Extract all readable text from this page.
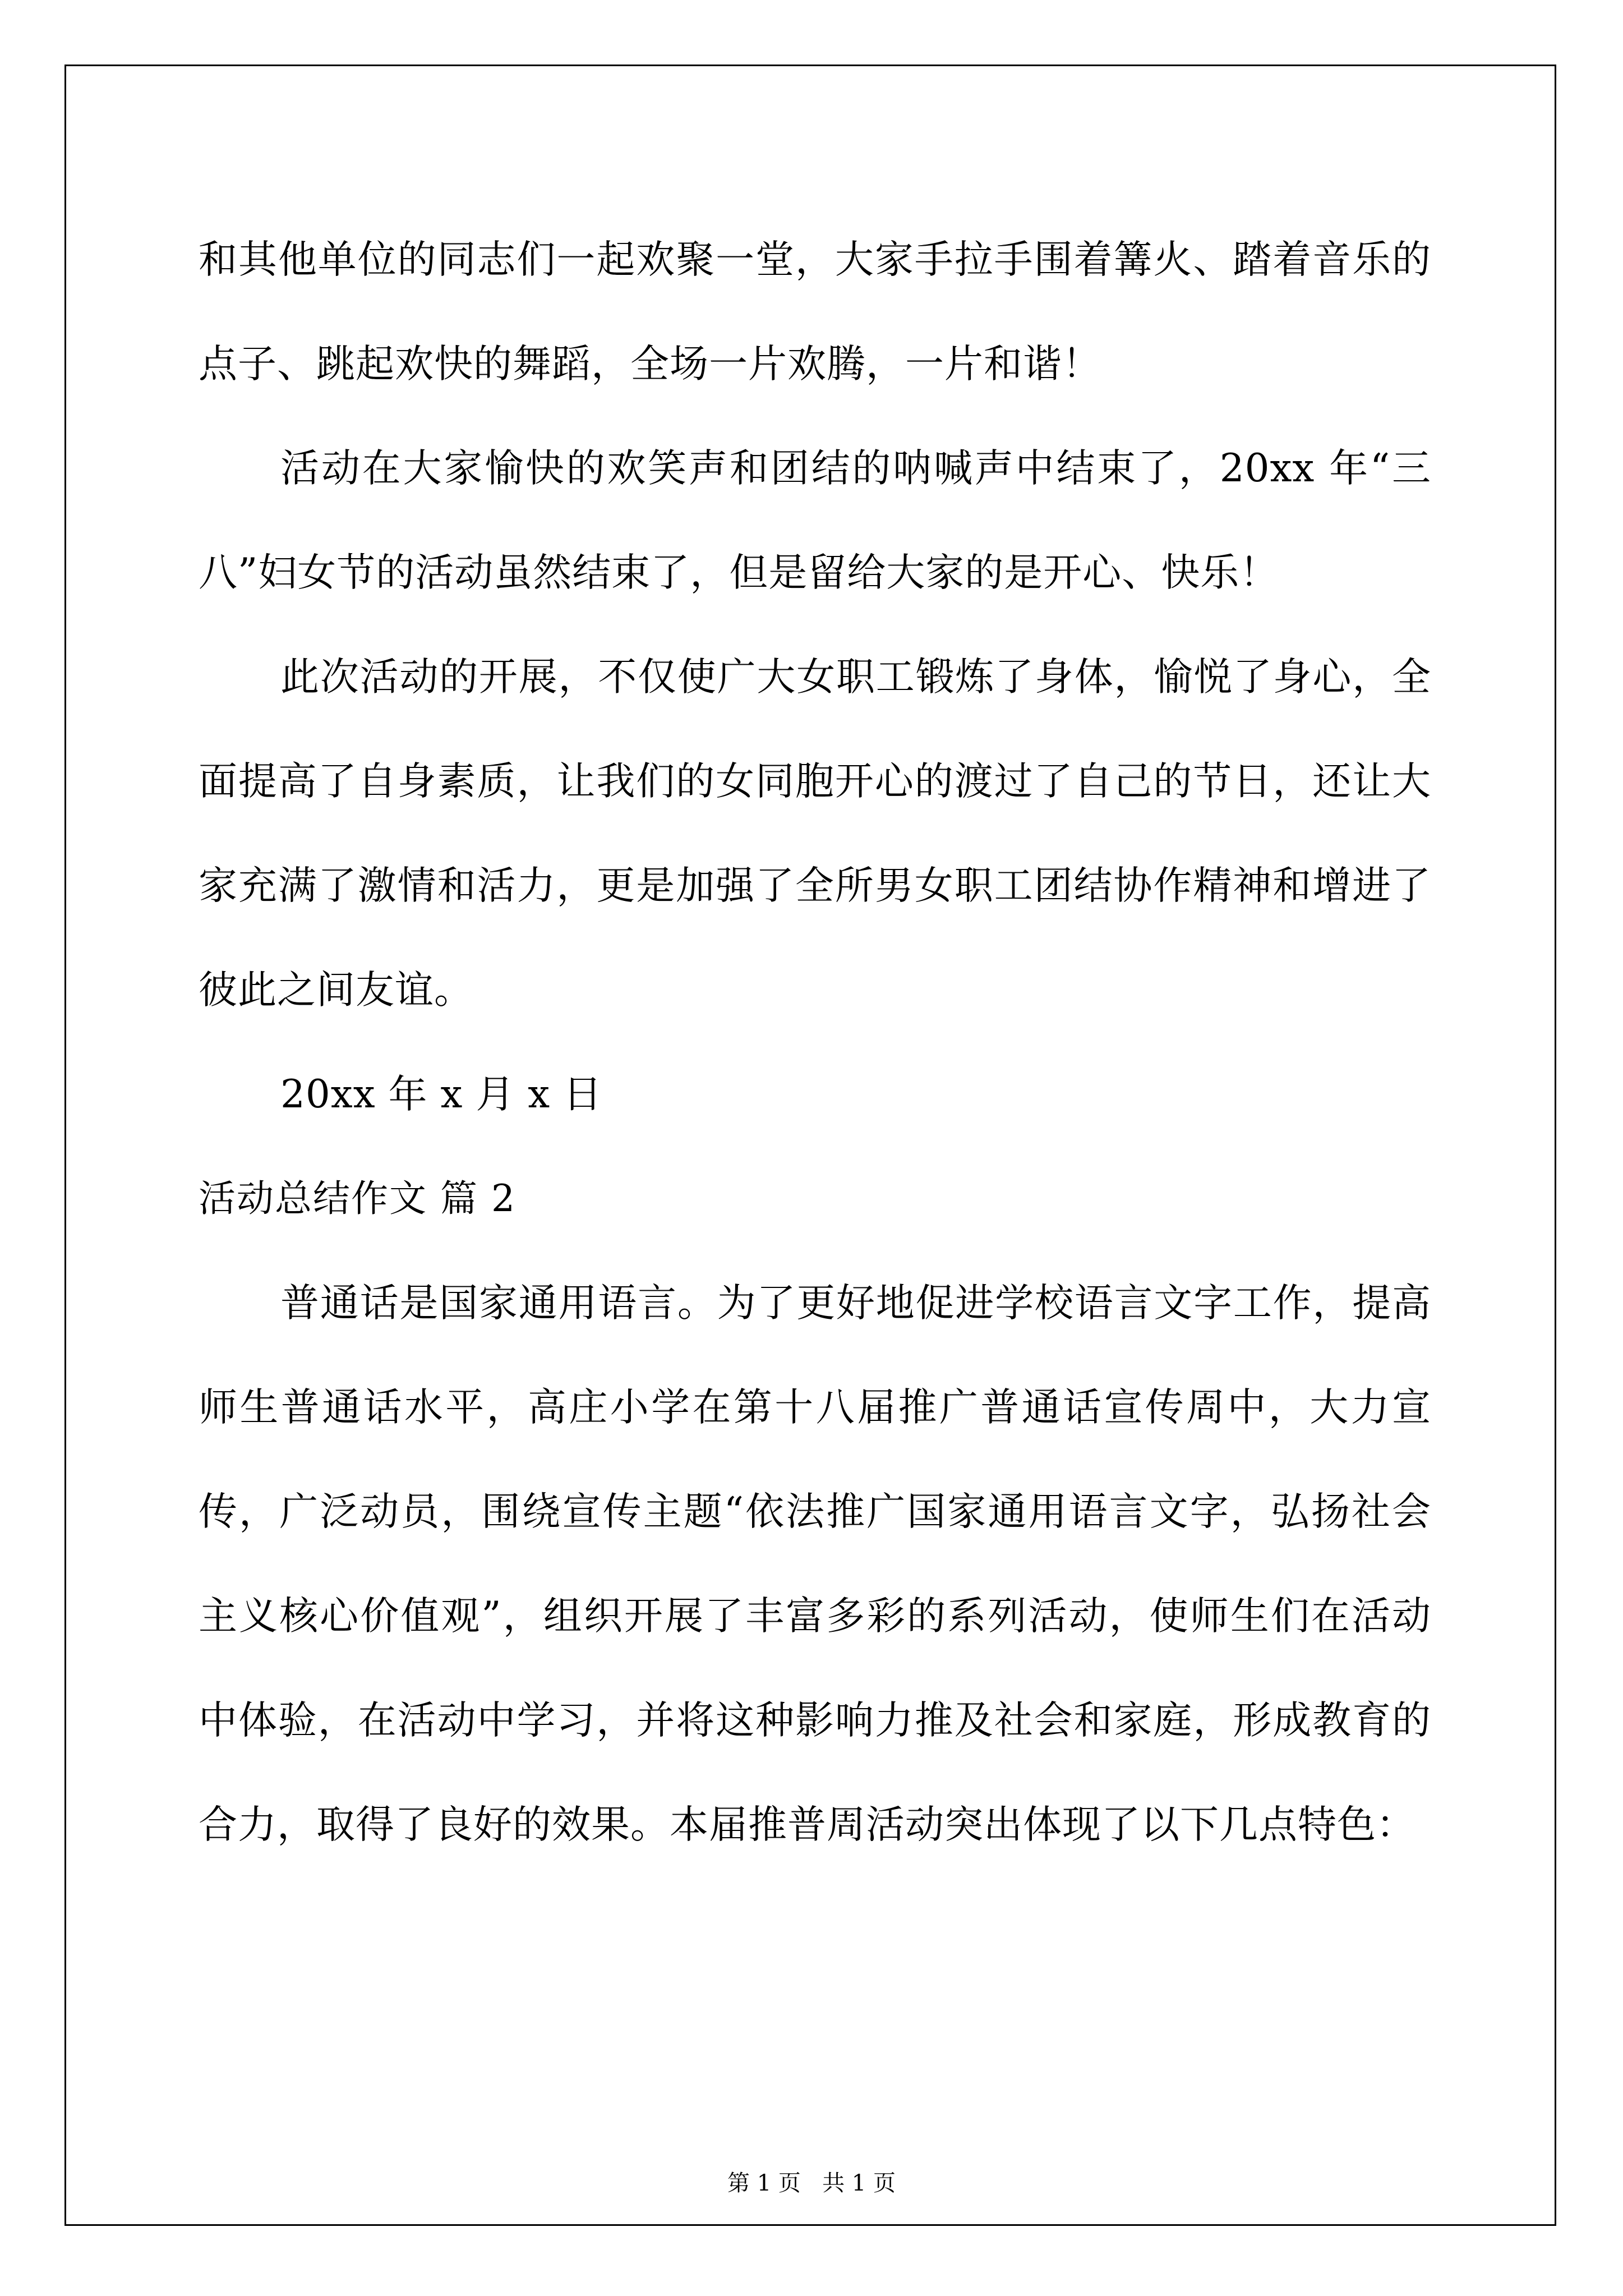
和其他单位的同志们一起欢聚一堂，大家手拉手围着篝火、踏着音乐的点子、跳起欢快的舞蹈，全场一片欢腾，一片和谐！

活动在大家愉快的欢笑声和团结的呐喊声中结束了，20xx 年“三八”妇女节的活动虽然结束了，但是留给大家的是开心、快乐！

此次活动的开展，不仅使广大女职工锻炼了身体，愉悦了身心，全面提高了自身素质，让我们的女同胞开心的渡过了自己的节日，还让大家充满了激情和活力，更是加强了全所男女职工团结协作精神和增进了彼此之间友谊。

20xx 年 x 月 x 日

活动总结作文 篇 2

普通话是国家通用语言。为了更好地促进学校语言文字工作，提高师生普通话水平，高庄小学在第十八届推广普通话宣传周中，大力宣传，广泛动员，围绕宣传主题“依法推广国家通用语言文字，弘扬社会主义核心价值观”，组织开展了丰富多彩的系列活动，使师生们在活动中体验，在活动中学习，并将这种影响力推及社会和家庭，形成教育的合力，取得了良好的效果。本届推普周活动突出体现了以下几点特色：

第 1 页   共 1 页
